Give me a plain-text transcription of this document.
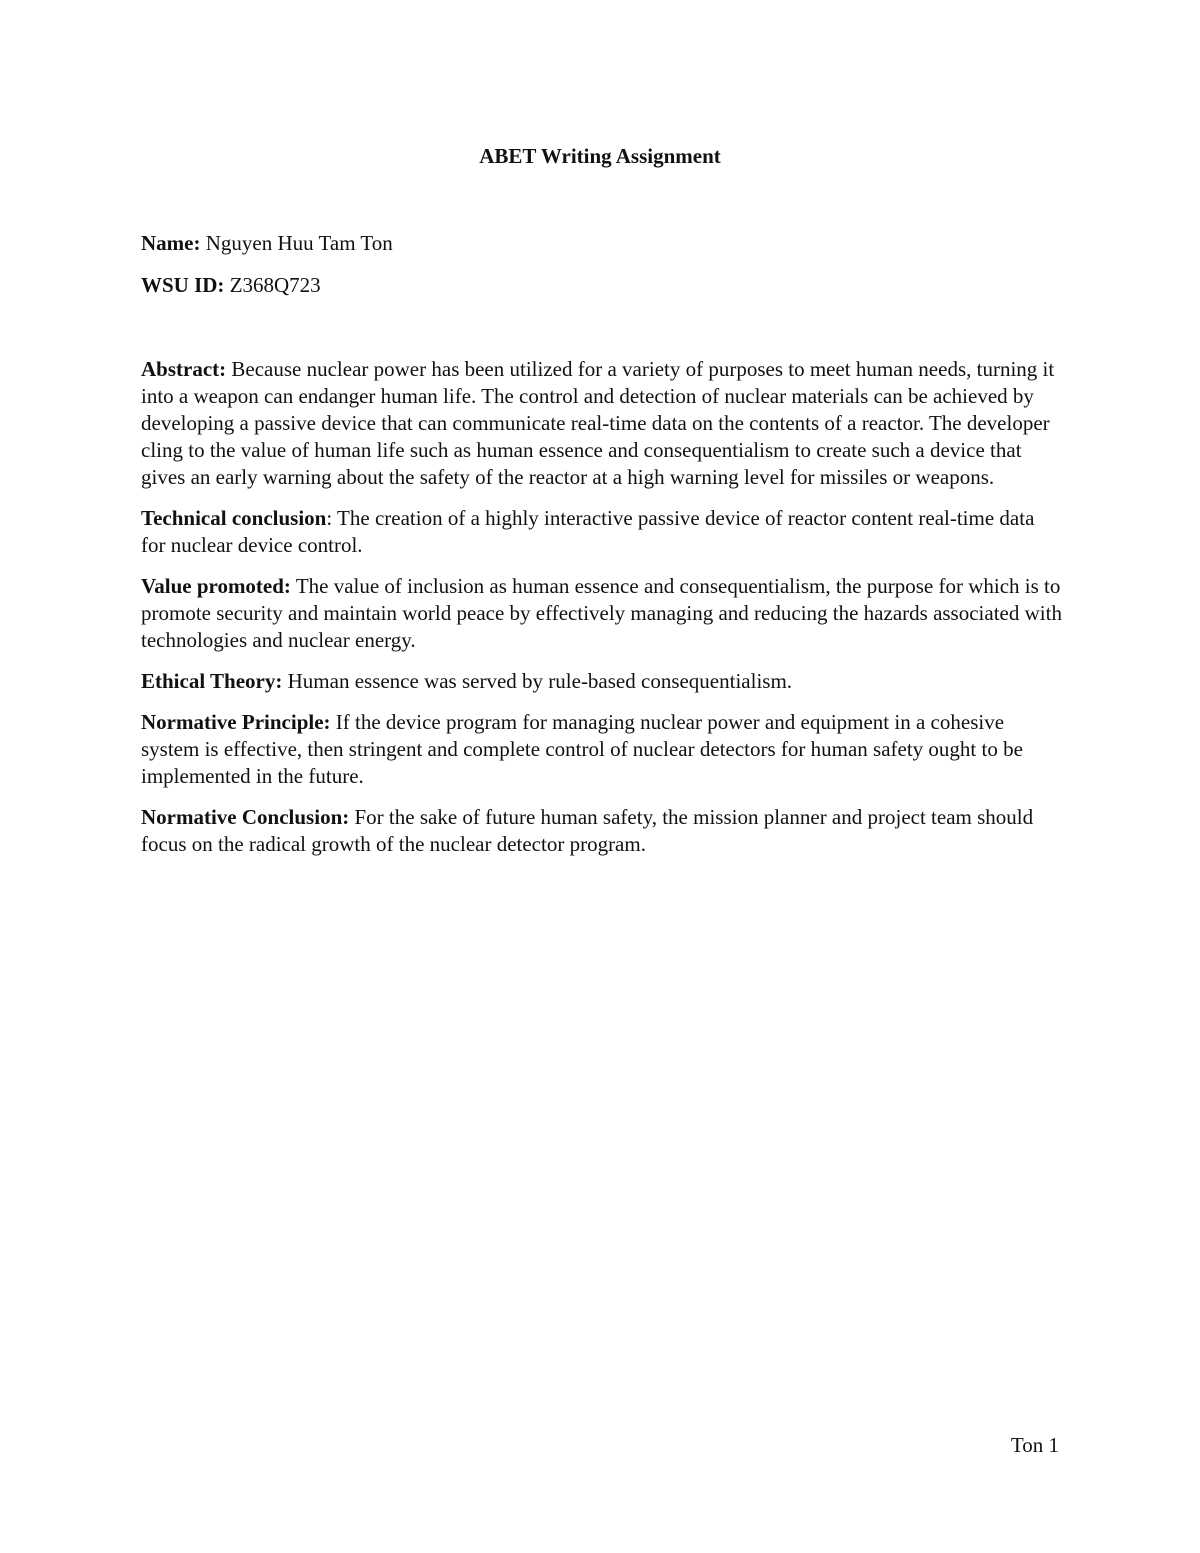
ABET Writing Assignment
Name: Nguyen Huu Tam Ton
WSU ID: Z368Q723

Abstract: Because nuclear power has been utilized for a variety of purposes to meet human needs, turning it into a weapon can endanger human life. The control and detection of nuclear materials can be achieved by developing a passive device that can communicate real-time data on the contents of a reactor. The developer cling to the value of human life such as human essence and consequentialism to create such a device that gives an early warning about the safety of the reactor at a high warning level for missiles or weapons.

Technical conclusion: The creation of a highly interactive passive device of reactor content real-time data for nuclear device control.

Value promoted: The value of inclusion as human essence and consequentialism, the purpose for which is to promote security and maintain world peace by effectively managing and reducing the hazards associated with technologies and nuclear energy.

Ethical Theory: Human essence was served by rule-based consequentialism.

Normative Principle: If the device program for managing nuclear power and equipment in a cohesive system is effective, then stringent and complete control of nuclear detectors for human safety ought to be implemented in the future.

Normative Conclusion: For the sake of future human safety, the mission planner and project team should focus on the radical growth of the nuclear detector program.

Ton 1
